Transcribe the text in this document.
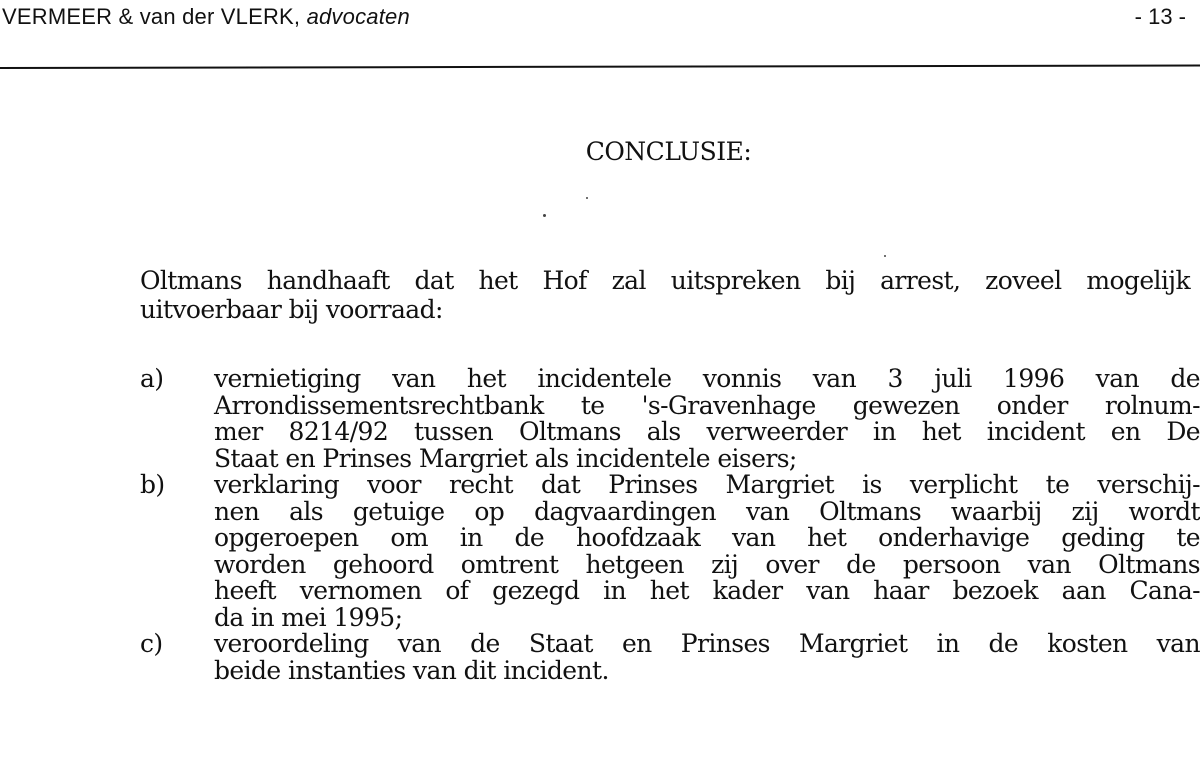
VERMEER & van der VLERK, advocaten	- 13 -
CONCLUSIE:
Oltmans handhaaft dat het Hof zal uitspreken bij arrest, zoveel mogelijk
uitvoerbaar bij voorraad:
a) vernietiging van het incidentele vonnis van 3 juli 1996 van de
Arrondissementsrechtbank te 's-Gravenhage gewezen onder rolnum-
mer 8214/92 tussen Oltmans als verweerder in het incident en De
Staat en Prinses Margriet als incidentele eisers;
b) verklaring voor recht dat Prinses Margriet is verplicht te verschij-
nen als getuige op dagvaardingen van Oltmans waarbij zij wordt
opgeroepen om in de hoofdzaak van het onderhavige geding te
worden gehoord omtrent hetgeen zij over de persoon van Oltmans
heeft vernomen of gezegd in het kader van haar bezoek aan Cana-
da in mei 1995;
c) veroordeling van de Staat en Prinses Margriet in de kosten van
beide instanties van dit incident.
